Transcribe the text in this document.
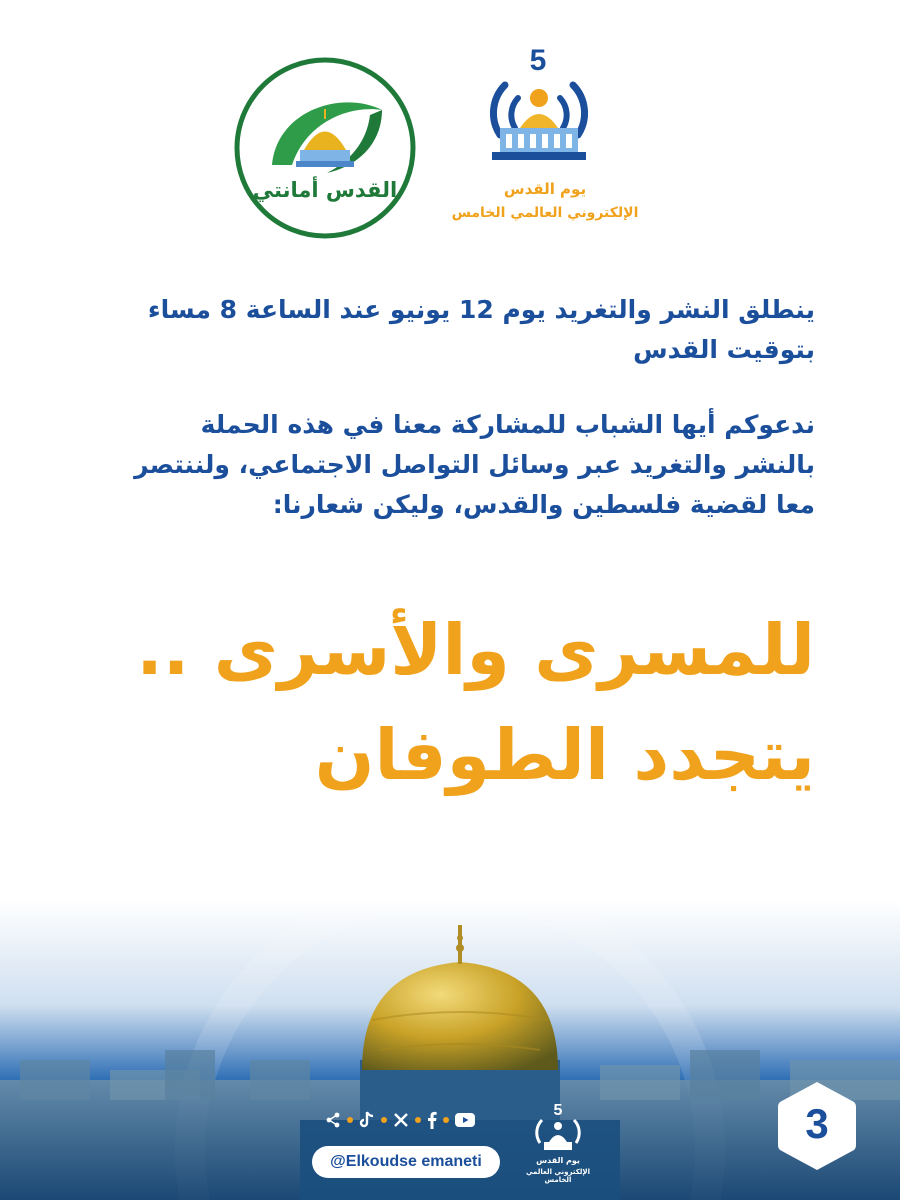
القدس أمانتي
5
يوم القدس
الإلكتروني العالمي الخامس
ينطلق النشر والتغريد يوم 12 يونيو عند الساعة 8 مساء
بتوقيت القدس
ندعوكم أيها الشباب للمشاركة معنا في هذه الحملة
بالنشر والتغريد عبر وسائل التواصل الاجتماعي، ولننتصر
معا لقضية فلسطين والقدس، وليكن شعارنا:
للمسرى والأسرى ..
يتجدد الطوفان
@Elkoudse emaneti
5
يوم القدس
الإلكتروني العالمي الخامس
3
